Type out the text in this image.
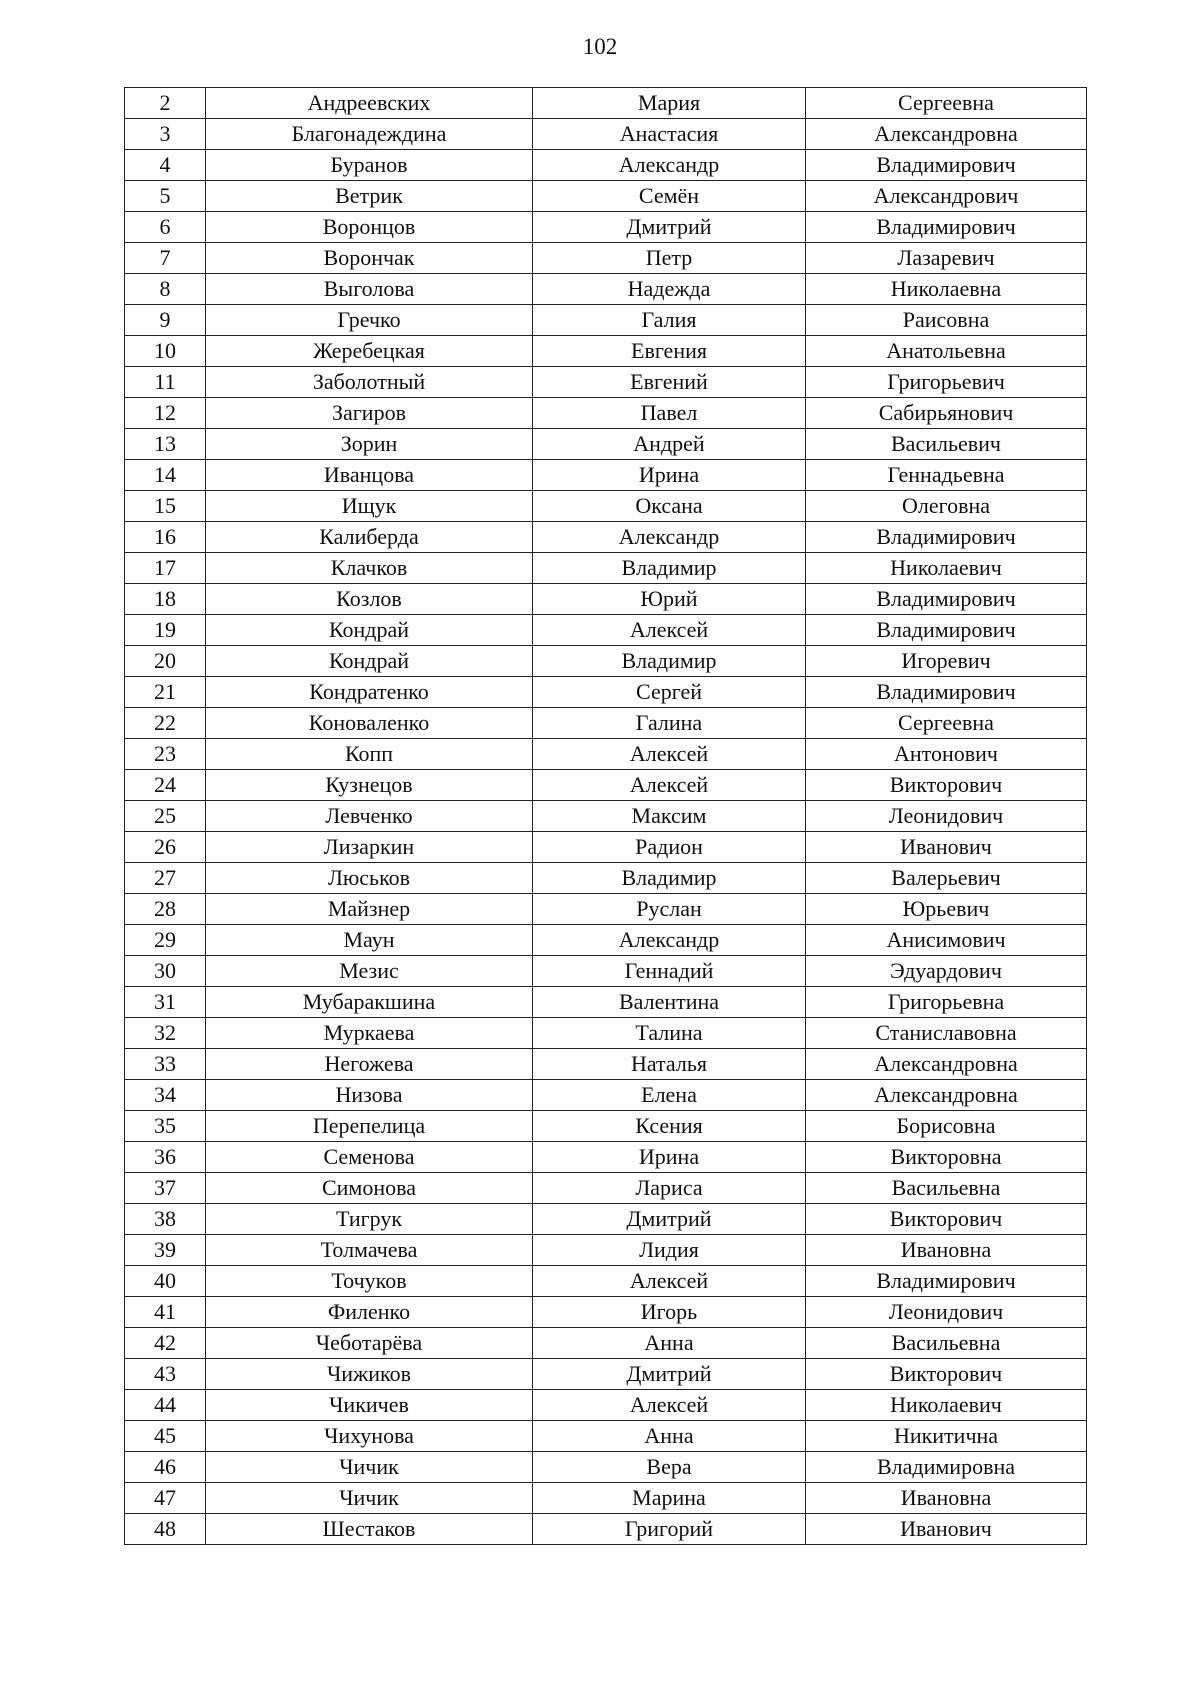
102
2	Андреевских	Мария	Сергеевна
3	Благонадеждина	Анастасия	Александровна
4	Буранов	Александр	Владимирович
5	Ветрик	Семён	Александрович
6	Воронцов	Дмитрий	Владимирович
7	Ворончак	Петр	Лазаревич
8	Выголова	Надежда	Николаевна
9	Гречко	Галия	Раисовна
10	Жеребецкая	Евгения	Анатольевна
11	Заболотный	Евгений	Григорьевич
12	Загиров	Павел	Сабирьянович
13	Зорин	Андрей	Васильевич
14	Иванцова	Ирина	Геннадьевна
15	Ищук	Оксана	Олеговна
16	Калиберда	Александр	Владимирович
17	Клачков	Владимир	Николаевич
18	Козлов	Юрий	Владимирович
19	Кондрай	Алексей	Владимирович
20	Кондрай	Владимир	Игоревич
21	Кондратенко	Сергей	Владимирович
22	Коноваленко	Галина	Сергеевна
23	Копп	Алексей	Антонович
24	Кузнецов	Алексей	Викторович
25	Левченко	Максим	Леонидович
26	Лизаркин	Радион	Иванович
27	Люськов	Владимир	Валерьевич
28	Майзнер	Руслан	Юрьевич
29	Маун	Александр	Анисимович
30	Мезис	Геннадий	Эдуардович
31	Мубаракшина	Валентина	Григорьевна
32	Муркаева	Талина	Станиславовна
33	Негожева	Наталья	Александровна
34	Низова	Елена	Александровна
35	Перепелица	Ксения	Борисовна
36	Семенова	Ирина	Викторовна
37	Симонова	Лариса	Васильевна
38	Тигрук	Дмитрий	Викторович
39	Толмачева	Лидия	Ивановна
40	Точуков	Алексей	Владимирович
41	Филенко	Игорь	Леонидович
42	Чеботарёва	Анна	Васильевна
43	Чижиков	Дмитрий	Викторович
44	Чикичев	Алексей	Николаевич
45	Чихунова	Анна	Никитична
46	Чичик	Вера	Владимировна
47	Чичик	Марина	Ивановна
48	Шестаков	Григорий	Иванович
